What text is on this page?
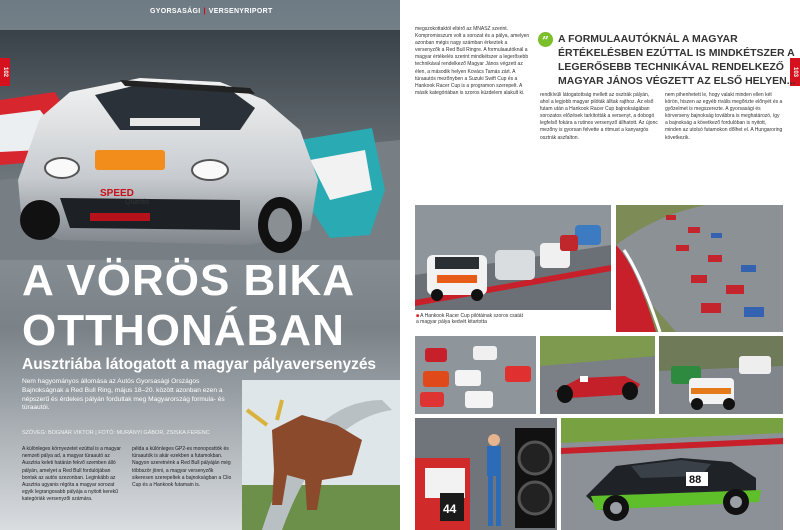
SPEED
Quantis
GYORSASÁGI | VERSENYRIPORT
102
A VÖRÖS BIKA
OTTHONÁBAN
Ausztriába látogatott a magyar pályaversenyzés
Nem hagyományos állomása az Autós Gyorsasági Országos Bajnokságnak a Red Bull Ring, május 18–20. között azonban ezen a népszerű és érdekes pályán fordultak meg Magyarország formula- és túraautói.
SZÖVEG: BOGNÁR VIKTOR | FOTÓ: MURÁNYI GÁBOR, ZSISKA FERENC

A különleges környezetet ezúttal is a magyar nemzeti pálya ad, a magyar túraautó az Ausztria keleti határán fekvő szemben álló pályán, amelyet a Red Bull fordulójában bontak az autós szezonban. Leginkább az Ausztria ugyanis régóta a magyar sorozat egyik legrangosabb pályája a nyitott kerekű kategóriák versenyzői számára.

példa a különleges GP2-es monoposttók és túraautók is akár ezekben a futamokban. Nagyon szeretnénk a Red Bull pályáján még többször jönni, a magyar versenyzők sikeresen szerepeltek a bajnokságban a Clio Cup és a Hankook futamain is.

103

megszokottaktól eltérő az MNASZ szerint. Kompromisszum volt a sorozat és a pálya, amelyen azonban mégis nagy számban érkeztek a versenyzők a Red Bull Ringre. A formulaautóknál a magyar értékelés szerint mindkétszer a legerősebb technikával rendelkező Magyar János végzett az élen, a második helyen Kovács Tamás zárt. A túraautós mezőnyben a Suzuki Swift Cup és a Hankook Racer Cup is a programon szerepelt. A másik kategóriában is szoros küzdelem alakult ki.

” A FORMULAAUTÓKNÁL A MAGYAR ÉRTÉKELÉSBEN EZÚTTAL IS MINDKÉTSZER A LEGERŐSEBB TECHNIKÁVAL RENDELKEZŐ MAGYAR JÁNOS VÉGZETT AZ ELSŐ HELYEN...

rendkívüli látogatottság mellett az osztrák pályán, ahol a legjobb magyar pilóták álltak rajthoz. Az első futam után a Hankook Racer Cup bajnokságában sorozatos előzések tarkították a versenyt, a dobogó legfelső fokára a rutinos versenyző állhatott. Az újonc mezőny is gyorsan felvette a ritmust a kanyargós osztrák aszfalton.

nem pihenhetett le, hogy valaki minden ellen két körön, hiszen az egyéb rivális megőrizte előnyét és a győzelmet is megszerezte. A gyorsasági és körverseny bajnokság továbbra is meghatározó, így a bajnokság a következő fordulóban is nyitott, minden az utolsó futamokon dőlhet el. A Hungaroring következik.

■ A Hankook Racer Cup pilótáinak szoros csatát a magyar pálya kedvét kitartotta
44
88
